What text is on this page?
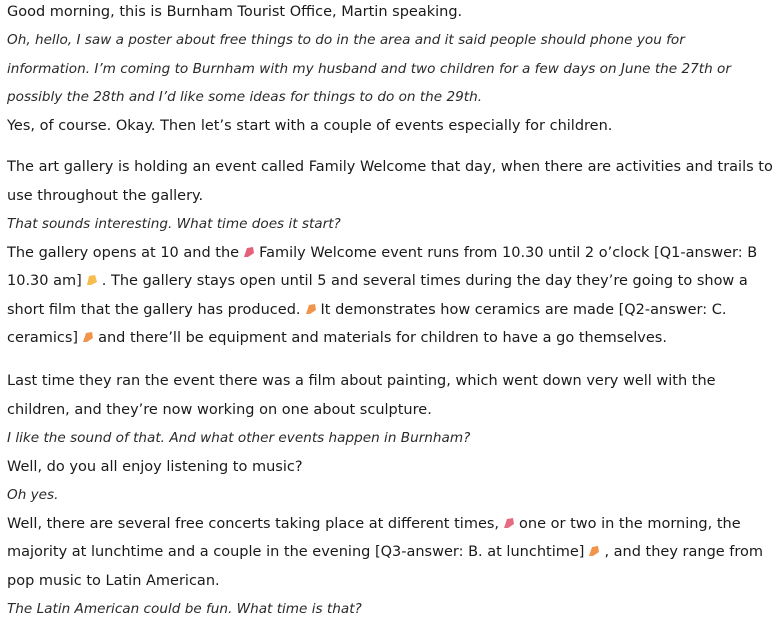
Good morning, this is Burnham Tourist Office, Martin speaking.
Oh, hello, I saw a poster about free things to do in the area and it said people should phone you for
information. I’m coming to Burnham with my husband and two children for a few days on June the 27th or
possibly the 28th and I’d like some ideas for things to do on the 29th.
Yes, of course. Okay. Then let’s start with a couple of events especially for children.
The art gallery is holding an event called Family Welcome that day, when there are activities and trails to
use throughout the gallery.
That sounds interesting. What time does it start?
The gallery opens at 10 and the Family Welcome event runs from 10.30 until 2 o’clock [Q1-answer: B
10.30 am] . The gallery stays open until 5 and several times during the day they’re going to show a
short film that the gallery has produced. It demonstrates how ceramics are made [Q2-answer: C.
ceramics] and there’ll be equipment and materials for children to have a go themselves.
Last time they ran the event there was a film about painting, which went down very well with the
children, and they’re now working on one about sculpture.
I like the sound of that. And what other events happen in Burnham?
Well, do you all enjoy listening to music?
Oh yes.
Well, there are several free concerts taking place at different times, one or two in the morning, the
majority at lunchtime and a couple in the evening [Q3-answer: B. at lunchtime] , and they range from
pop music to Latin American.
The Latin American could be fun. What time is that?
